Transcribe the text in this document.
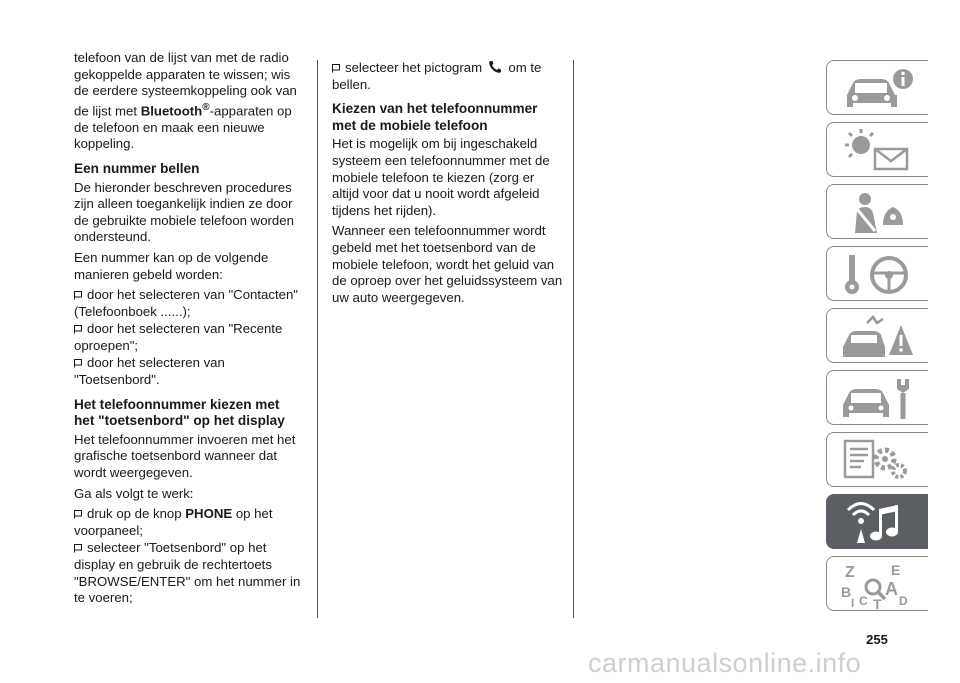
telefoon van de lijst van met de radio gekoppelde apparaten te wissen; wis de eerdere systeemkoppeling ook van de lijst met Bluetooth®-apparaten op de telefoon en maak een nieuwe koppeling.

Een nummer bellen

De hieronder beschreven procedures zijn alleen toegankelijk indien ze door de gebruikte mobiele telefoon worden ondersteund.

Een nummer kan op de volgende manieren gebeld worden:

door het selecteren van "Contacten" (Telefoonboek ......);
door het selecteren van "Recente oproepen";
door het selecteren van "Toetsenbord".
Het telefoonnummer kiezen met het "toetsenbord" op het display

Het telefoonnummer invoeren met het grafische toetsenbord wanneer dat wordt weergegeven.

Ga als volgt te werk:

druk op de knop PHONE op het voorpaneel;
selecteer "Toetsenbord" op het display en gebruik de rechtertoets "BROWSE/ENTER" om het nummer in te voeren;
selecteer het pictogram  om te bellen.
Kiezen van het telefoonnummer met de mobiele telefoon

Het is mogelijk om bij ingeschakeld systeem een telefoonnummer met de mobiele telefoon te kiezen (zorg er altijd voor dat u nooit wordt afgeleid tijdens het rijden).

Wanneer een telefoonnummer wordt gebeld met het toetsenbord van de mobiele telefoon, wordt het geluid van de oproep over het geluidssysteem van uw auto weergegeven.

Z	E
B A
C T D
I
255
carmanualsonline.info
